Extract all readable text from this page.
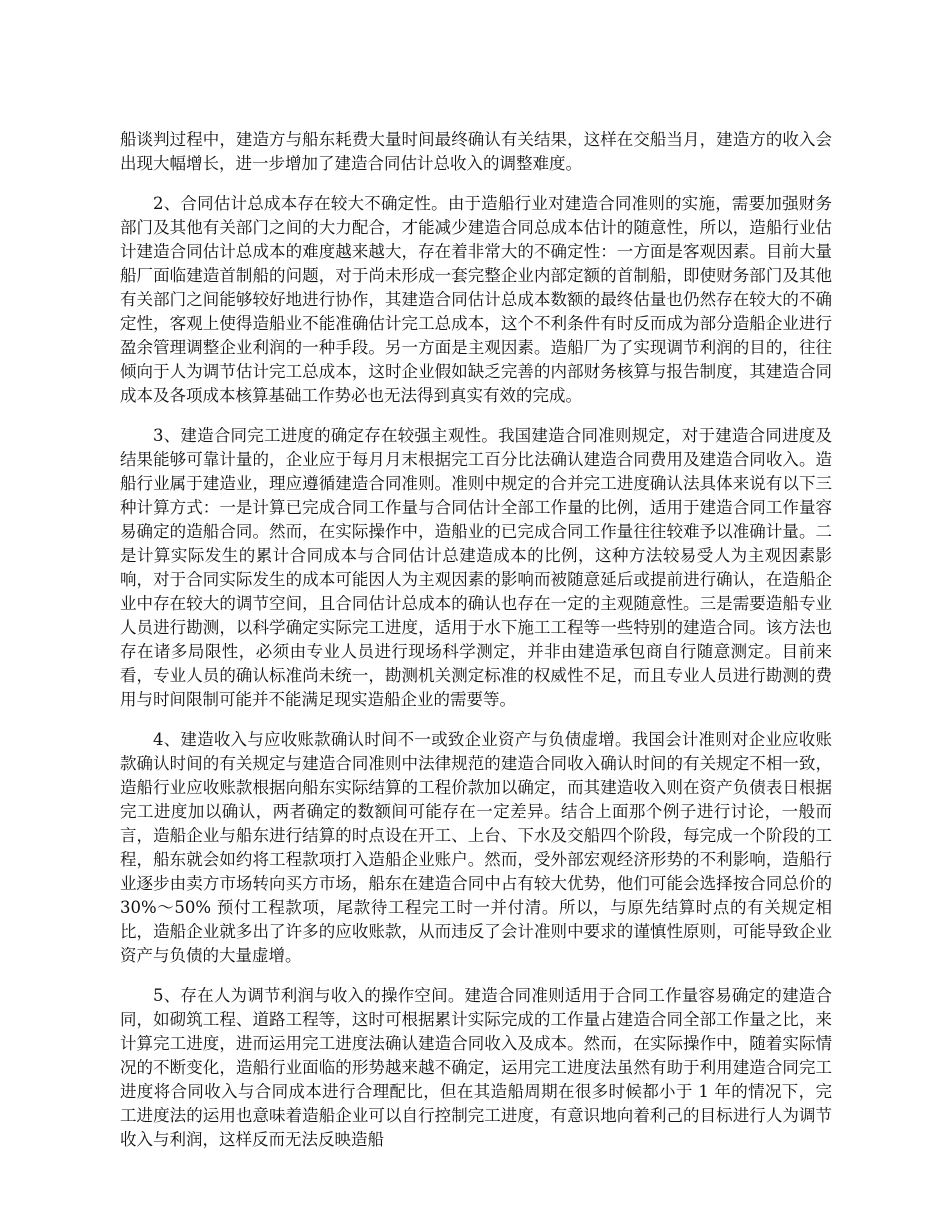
船谈判过程中，建造方与船东耗费大量时间最终确认有关结果，这样在交船当月，建造方的收入会出现大幅增长，进一步增加了建造合同估计总收入的调整难度。

2、合同估计总成本存在较大不确定性。由于造船行业对建造合同准则的实施，需要加强财务部门及其他有关部门之间的大力配合，才能减少建造合同总成本估计的随意性，所以，造船行业估计建造合同估计总成本的难度越来越大，存在着非常大的不确定性：一方面是客观因素。目前大量船厂面临建造首制船的问题，对于尚未形成一套完整企业内部定额的首制船，即使财务部门及其他有关部门之间能够较好地进行协作，其建造合同估计总成本数额的最终估量也仍然存在较大的不确定性，客观上使得造船业不能准确估计完工总成本，这个不利条件有时反而成为部分造船企业进行盈余管理调整企业利润的一种手段。另一方面是主观因素。造船厂为了实现调节利润的目的，往往倾向于人为调节估计完工总成本，这时企业假如缺乏完善的内部财务核算与报告制度，其建造合同成本及各项成本核算基础工作势必也无法得到真实有效的完成。

3、建造合同完工进度的确定存在较强主观性。我国建造合同准则规定，对于建造合同进度及结果能够可靠计量的，企业应于每月月末根据完工百分比法确认建造合同费用及建造合同收入。造船行业属于建造业，理应遵循建造合同准则。准则中规定的合并完工进度确认法具体来说有以下三种计算方式：一是计算已完成合同工作量与合同估计全部工作量的比例，适用于建造合同工作量容易确定的造船合同。然而，在实际操作中，造船业的已完成合同工作量往往较难予以准确计量。二是计算实际发生的累计合同成本与合同估计总建造成本的比例，这种方法较易受人为主观因素影响，对于合同实际发生的成本可能因人为主观因素的影响而被随意延后或提前进行确认，在造船企业中存在较大的调节空间，且合同估计总成本的确认也存在一定的主观随意性。三是需要造船专业人员进行勘测，以科学确定实际完工进度，适用于水下施工工程等一些特别的建造合同。该方法也存在诸多局限性，必须由专业人员进行现场科学测定，并非由建造承包商自行随意测定。目前来看，专业人员的确认标准尚未统一，勘测机关测定标准的权威性不足，而且专业人员进行勘测的费用与时间限制可能并不能满足现实造船企业的需要等。

4、建造收入与应收账款确认时间不一或致企业资产与负债虚增。我国会计准则对企业应收账款确认时间的有关规定与建造合同准则中法律规范的建造合同收入确认时间的有关规定不相一致，造船行业应收账款根据向船东实际结算的工程价款加以确定，而其建造收入则在资产负债表日根据完工进度加以确认，两者确定的数额间可能存在一定差异。结合上面那个例子进行讨论，一般而言，造船企业与船东进行结算的时点设在开工、上台、下水及交船四个阶段，每完成一个阶段的工程，船东就会如约将工程款项打入造船企业账户。然而，受外部宏观经济形势的不利影响，造船行业逐步由卖方市场转向买方市场，船东在建造合同中占有较大优势，他们可能会选择按合同总价的 30%～50% 预付工程款项，尾款待工程完工时一并付清。所以，与原先结算时点的有关规定相比，造船企业就多出了许多的应收账款，从而违反了会计准则中要求的谨慎性原则，可能导致企业资产与负债的大量虚增。

5、存在人为调节利润与收入的操作空间。建造合同准则适用于合同工作量容易确定的建造合同，如砌筑工程、道路工程等，这时可根据累计实际完成的工作量占建造合同全部工作量之比，来计算完工进度，进而运用完工进度法确认建造合同收入及成本。然而，在实际操作中，随着实际情况的不断变化，造船行业面临的形势越来越不确定，运用完工进度法虽然有助于利用建造合同完工进度将合同收入与合同成本进行合理配比，但在其造船周期在很多时候都小于 1 年的情况下，完工进度法的运用也意味着造船企业可以自行控制完工进度，有意识地向着利己的目标进行人为调节收入与利润，这样反而无法反映造船
